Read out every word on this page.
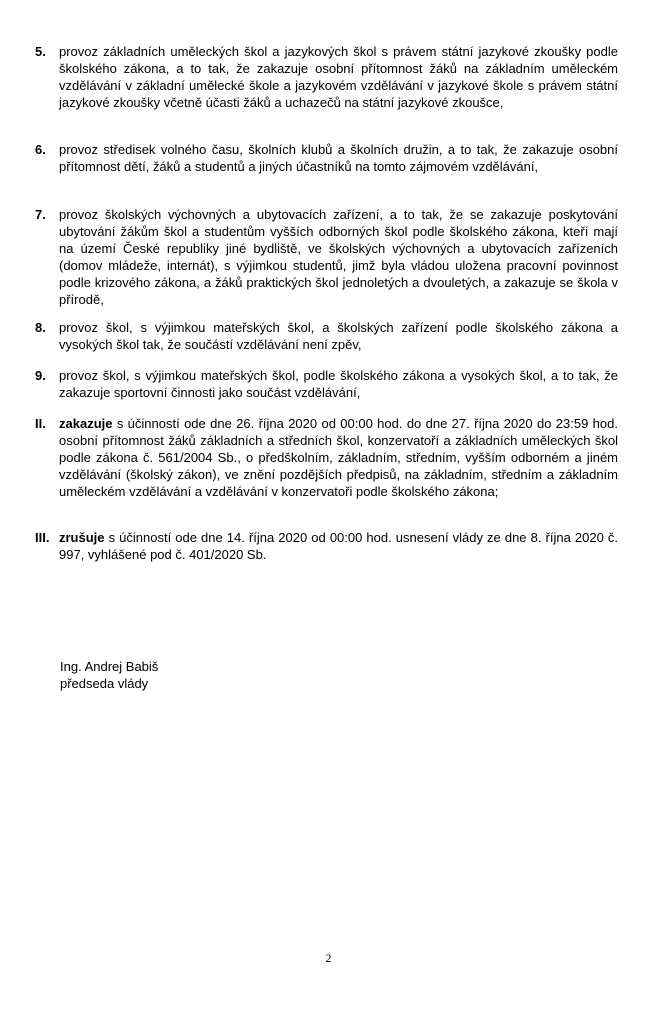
5. provoz základních uměleckých škol a jazykových škol s právem státní jazykové zkoušky podle školského zákona, a to tak, že zakazuje osobní přítomnost žáků na základním uměleckém vzdělávání v základní umělecké škole a jazykovém vzdělávání v jazykové škole s právem státní jazykové zkoušky včetně účasti žáků a uchazečů na státní jazykové zkoušce,
6. provoz středisek volného času, školních klubů a školních družin, a to tak, že zakazuje osobní přítomnost dětí, žáků a studentů a jiných účastníků na tomto zájmovém vzdělávání,
7. provoz školských výchovných a ubytovacích zařízení, a to tak, že se zakazuje poskytování ubytování žákům škol a studentům vyšších odborných škol podle školského zákona, kteří mají na území České republiky jiné bydliště, ve školských výchovných a ubytovacích zařízeních (domov mládeže, internát), s výjimkou studentů, jimž byla vládou uložena pracovní povinnost podle krizového zákona, a žáků praktických škol jednoletých a dvouletých, a zakazuje se škola v přírodě,
8. provoz škol, s výjimkou mateřských škol, a školských zařízení podle školského zákona a vysokých škol tak, že součástí vzdělávání není zpěv,
9. provoz škol, s výjimkou mateřských škol, podle školského zákona a vysokých škol, a to tak, že zakazuje sportovní činnosti jako součást vzdělávání,
II. zakazuje s účinností ode dne 26. října 2020 od 00:00 hod. do dne 27. října 2020 do 23:59 hod. osobní přítomnost žáků základních a středních škol, konzervatoří a základních uměleckých škol podle zákona č. 561/2004 Sb., o předškolním, základním, středním, vyšším odborném a jiném vzdělávání (školský zákon), ve znění pozdějších předpisů, na základním, středním a základním uměleckém vzdělávání a vzdělávání v konzervatoři podle školského zákona;
III. zrušuje s účinností ode dne 14. října 2020 od 00:00 hod. usnesení vlády ze dne 8. října 2020 č. 997, vyhlášené pod č. 401/2020 Sb.
Ing. Andrej Babiš
předseda vlády
2
